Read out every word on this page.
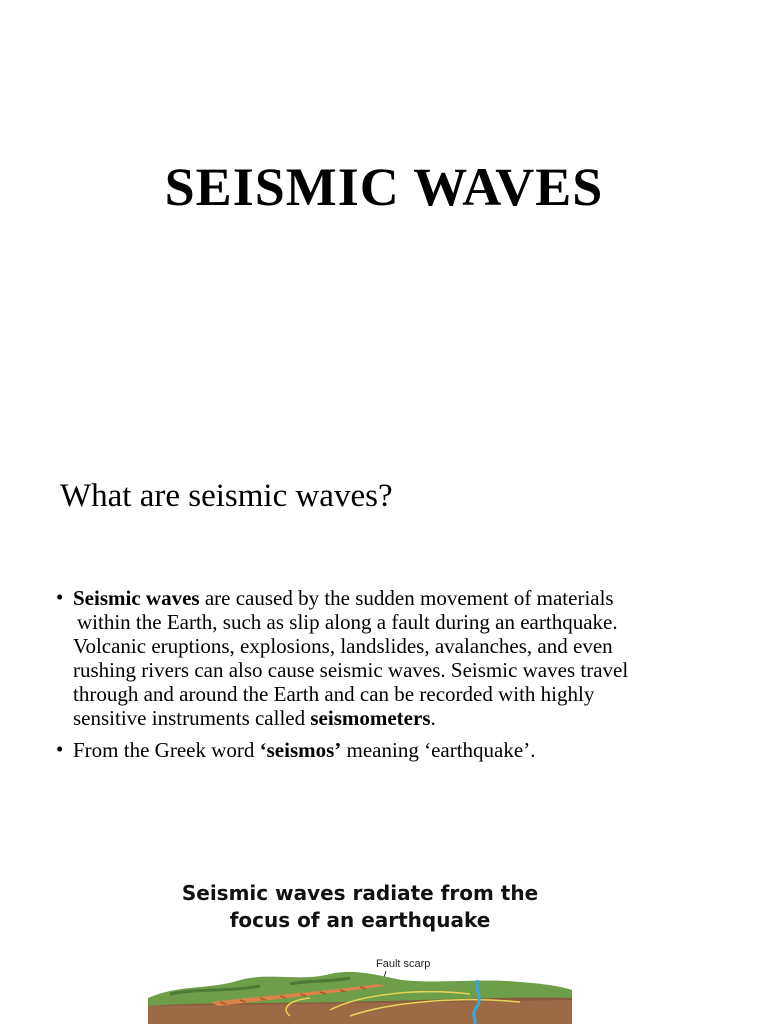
SEISMIC WAVES
What are seismic waves?
• Seismic waves are caused by the sudden movement of materials
within the Earth, such as slip along a fault during an earthquake.
Volcanic eruptions, explosions, landslides, avalanches, and even
rushing rivers can also cause seismic waves. Seismic waves travel
through and around the Earth and can be recorded with highly
sensitive instruments called seismometers.
• From the Greek word ‘seismos’ meaning ‘earthquake’.
Seismic waves radiate from the
focus of an earthquake
Fault scarp
